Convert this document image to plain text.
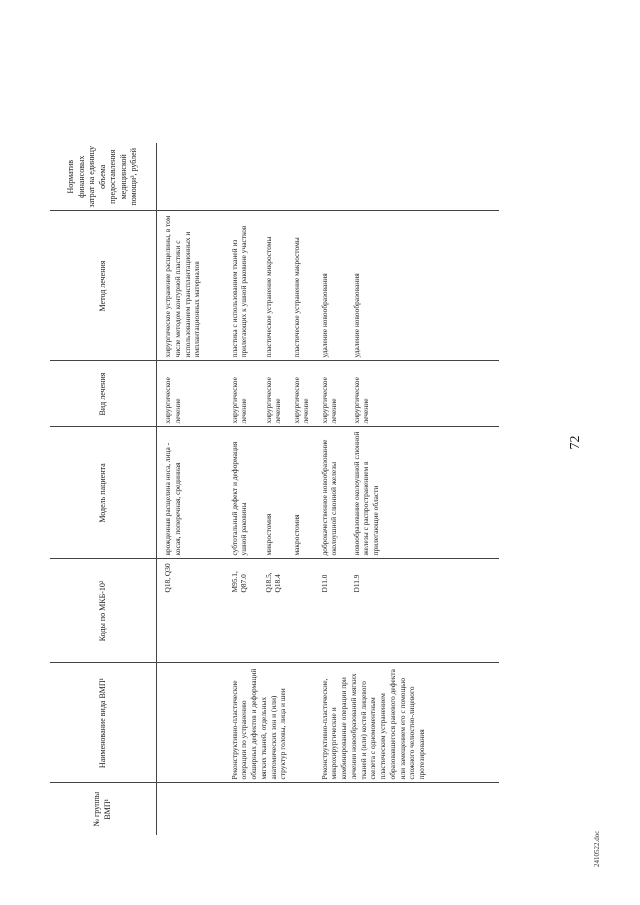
№ группы ВМП¹	Наименование вида ВМП¹	Коды по МКБ-10²	Модель пациента	Вид лечения	Метод лечения	Норматив финансовых затрат на единицу объема предоставления медицинской помощи³, рублей
		Q18, Q30	врожденная расщелина носа, лица - косая, поперечная, срединная	хирургическое лечение	хирургическое устранение расщелины, в том числе методом контурной пластики с использованием трансплантационных и имплантационных материалов	
	Реконструктивно-пластические операции по устранению обширных дефектов и деформаций мягких тканей, отдельных анатомических зон и (или) структур головы, лица и шеи	M95.1, Q87.0	субтотальный дефект и деформация ушной раковины	хирургическое лечение	пластика с использованием тканей из прилегающих к ушной раковине участков	
		Q18.5, Q18.4	микростомия	хирургическое лечение	пластическое устранение микростомы	
			макростомия	хирургическое лечение	пластическое устранение макростомы	
	Реконструктивно-пластические, микрохирургические и комбинированные операции при лечении новообразований мягких тканей и (или) костей лицевого скелета с одномоментным пластическим устранением образовавшегося раневого дефекта или замещением его с помощью сложного челюстно-лицевого протезирования	D11.0	доброкачественное новообразование околоушной слюнной железы	хирургическое лечение	удаление новообразования	
		D11.9	новообразование околоушной слюнной железы с распространением в прилегающие области	хирургическое лечение	удаление новообразования	
72
2410522.doc
